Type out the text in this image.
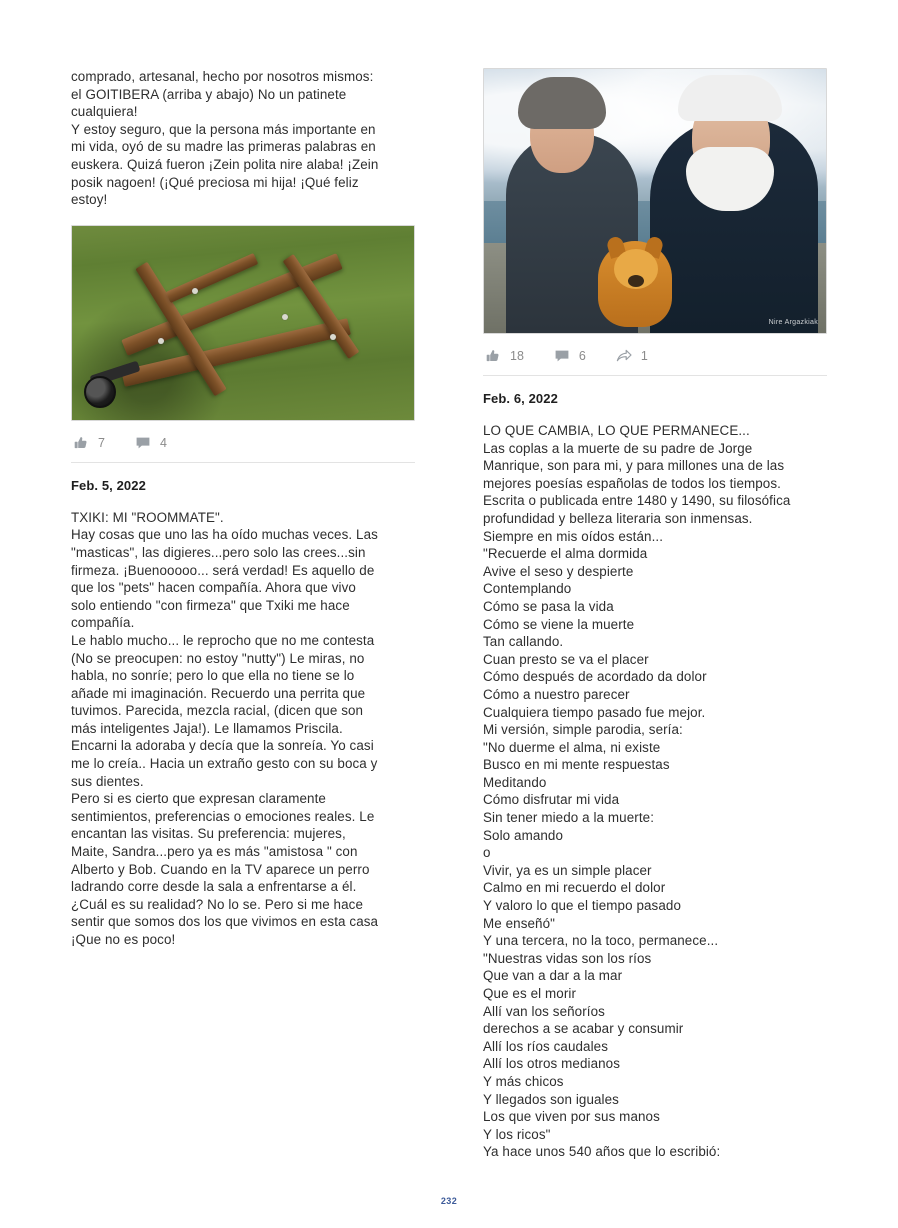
comprado, artesanal, hecho por nosotros mismos:

el GOITIBERA (arriba y abajo) No un patinete

cualquiera!

Y estoy seguro, que la persona más importante en

mi vida, oyó de su madre las primeras palabras en

euskera. Quizá fueron ¡Zein polita nire alaba! ¡Zein

posik nagoen! (¡Qué preciosa mi hija! ¡Qué feliz

estoy!

7	4
Feb. 5, 2022

TXIKI: MI "ROOMMATE".

Hay cosas que uno las ha oído muchas veces. Las

"masticas", las digieres...pero solo las crees...sin

firmeza. ¡Buenooooo... será verdad! Es aquello de

que los "pets" hacen compañía. Ahora que vivo

solo entiendo "con firmeza" que Txiki me hace

compañía.

Le hablo mucho... le reprocho que no me contesta

(No se preocupen: no estoy "nutty") Le miras, no

habla, no sonríe; pero lo que ella no tiene se lo

añade mi imaginación. Recuerdo una perrita que

tuvimos. Parecida, mezcla racial, (dicen que son

más inteligentes Jaja!). Le llamamos Priscila.

Encarni la adoraba y decía que la sonreía. Yo casi

me lo creía.. Hacia un extraño gesto con su boca y

sus dientes.

Pero si es cierto que expresan claramente

sentimientos, preferencias o emociones reales. Le

encantan las visitas. Su preferencia: mujeres,

Maite, Sandra...pero ya es más "amistosa " con

Alberto y Bob. Cuando en la TV aparece un perro

ladrando corre desde la sala a enfrentarse a él.

¿Cuál es su realidad? No lo se. Pero si me hace

sentir que somos dos los que vivimos en esta casa

¡Que no es poco!

Nire Argazkiak
18	6	1
Feb. 6, 2022

LO QUE CAMBIA, LO QUE PERMANECE...

Las coplas a la muerte de su padre de Jorge

Manrique, son para mi, y para millones una de las

mejores poesías españolas de todos los tiempos.

Escrita o publicada entre 1480 y 1490, su filosófica

profundidad y belleza literaria son inmensas.

Siempre en mis oídos están...

"Recuerde el alma dormida

Avive el seso y despierte

Contemplando

Cómo se pasa la vida

Cómo se viene la muerte

Tan callando.

Cuan presto se va el placer

Cómo después de acordado da dolor

Cómo a nuestro parecer

Cualquiera tiempo pasado fue mejor.

Mi versión, simple parodia, sería:

"No duerme el alma, ni existe

Busco en mi mente respuestas

Meditando

Cómo disfrutar mi vida

Sin tener miedo a la muerte:

Solo amando

o

Vivir, ya es un simple placer

Calmo en mi recuerdo el dolor

Y valoro lo que el tiempo pasado

Me enseñó"

Y una tercera, no la toco, permanece...

"Nuestras vidas son los ríos

Que van a dar a la mar

Que es el morir

Allí van los señoríos

derechos a se acabar y consumir

Allí los ríos caudales

Allí los otros medianos

Y más chicos

Y llegados son iguales

Los que viven por sus manos

Y los ricos"

Ya hace unos 540 años que lo escribió:

232
